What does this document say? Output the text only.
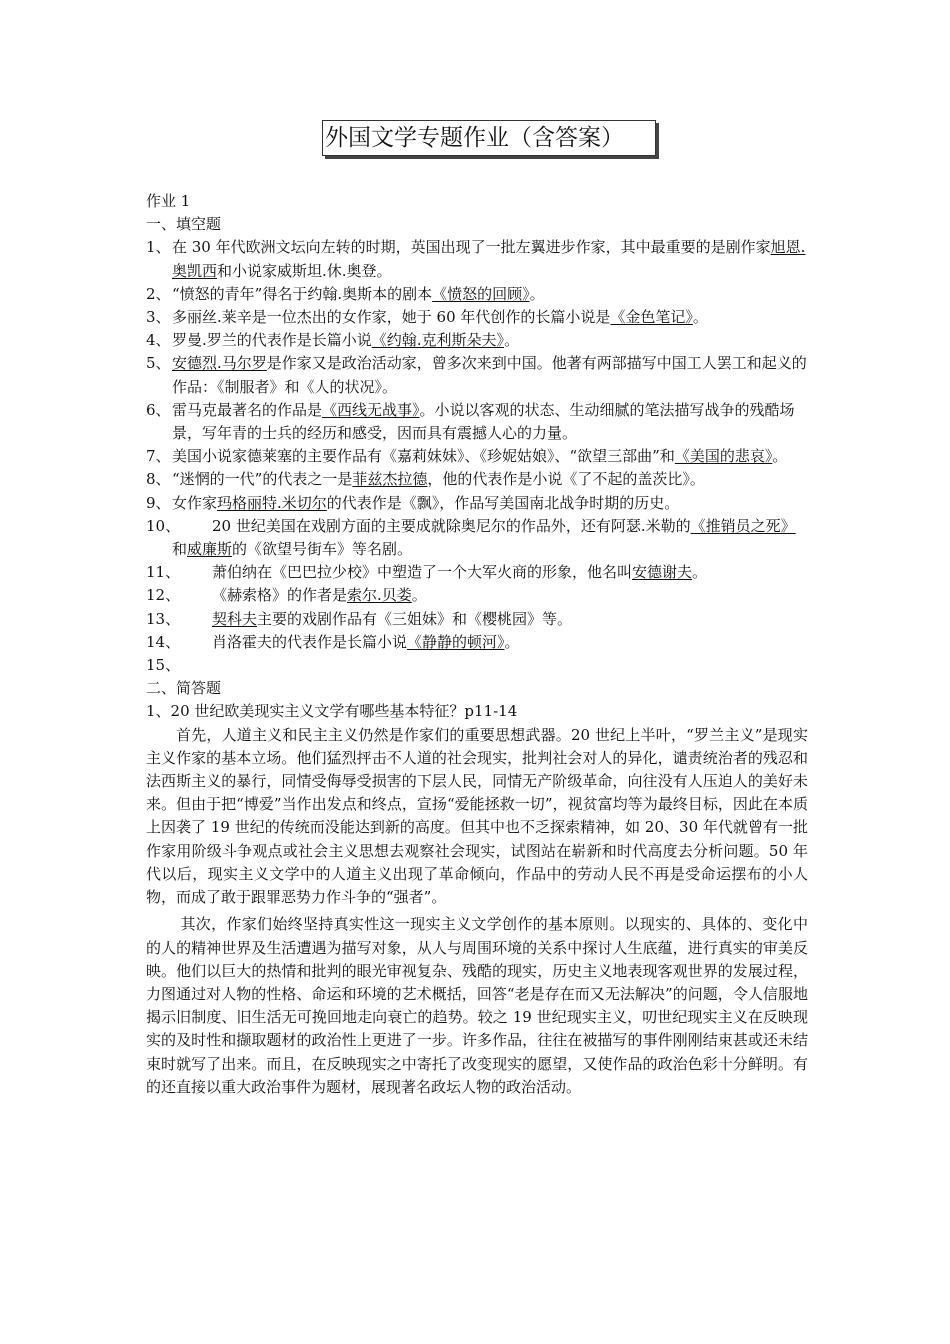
外国文学专题作业（含答案）

作业 1

一、填空题

1、 在 30 年代欧洲文坛向左转的时期，英国出现了一批左翼进步作家，其中最重要的是剧作家旭恩.奥凯西和小说家威斯坦.休.奥登。

2、 “愤怒的青年”得名于约翰.奥斯本的剧本《愤怒的回顾》。

3、 多丽丝.莱辛是一位杰出的女作家，她于 60 年代创作的长篇小说是《金色笔记》。

4、 罗曼.罗兰的代表作是长篇小说《约翰.克利斯朵夫》。

5、 安德烈.马尔罗是作家又是政治活动家，曾多次来到中国。他著有两部描写中国工人罢工和起义的作品：《制服者》和《人的状况》。

6、 雷马克最著名的作品是《西线无战事》。小说以客观的状态、生动细腻的笔法描写战争的残酷场景，写年青的士兵的经历和感受，因而具有震撼人心的力量。

7、 美国小说家德莱塞的主要作品有《嘉莉妹妹》、《珍妮姑娘》、“欲望三部曲”和《美国的悲哀》。

8、 “迷惘的一代”的代表之一是菲兹杰拉德，他的代表作是小说《了不起的盖茨比》。

9、 女作家玛格丽特.米切尔的代表作是《飘》，作品写美国南北战争时期的历史。

10、 20 世纪美国在戏剧方面的主要成就除奥尼尔的作品外，还有阿瑟.米勒的《推销员之死》和威廉斯的《欲望号街车》等名剧。

11、 萧伯纳在《巴巴拉少校》中塑造了一个大军火商的形象，他名叫安德谢夫。

12、 《赫索格》的作者是索尔.贝娄。

13、 契科夫主要的戏剧作品有《三姐妹》和《樱桃园》等。

14、 肖洛霍夫的代表作是长篇小说《静静的顿河》。

15、

二、简答题

1、20 世纪欧美现实主义文学有哪些基本特征？p11-14

首先，人道主义和民主主义仍然是作家们的重要思想武器。20 世纪上半叶，“罗兰主义”是现实主义作家的基本立场。他们猛烈抨击不人道的社会现实，批判社会对人的异化，谴责统治者的残忍和法西斯主义的暴行，同情受侮辱受损害的下层人民，同情无产阶级革命，向往没有人压迫人的美好未来。但由于把“博爱”当作出发点和终点，宣扬“爱能拯救一切”，视贫富均等为最终目标，因此在本质上因袭了 19 世纪的传统而没能达到新的高度。但其中也不乏探索精神，如 20、30 年代就曾有一批作家用阶级斗争观点或社会主义思想去观察社会现实，试图站在崭新和时代高度去分析问题。50 年代以后，现实主义文学中的人道主义出现了革命倾向，作品中的劳动人民不再是受命运摆布的小人物，而成了敢于跟罪恶势力作斗争的“强者”。

其次，作家们始终坚持真实性这一现实主义文学创作的基本原则。以现实的、具体的、变化中的人的精神世界及生活遭遇为描写对象，从人与周围环境的关系中探讨人生底蕴，进行真实的审美反映。他们以巨大的热情和批判的眼光审视复杂、残酷的现实，历史主义地表现客观世界的发展过程，力图通过对人物的性格、命运和环境的艺术概括，回答“老是存在而又无法解决”的问题，令人信服地揭示旧制度、旧生活无可挽回地走向衰亡的趋势。较之 19 世纪现实主义，叨世纪现实主义在反映现实的及时性和撷取题材的政治性上更进了一步。许多作品，往往在被描写的事件刚刚结束甚或还未结束时就写了出来。而且，在反映现实之中寄托了改变现实的愿望，又使作品的政治色彩十分鲜明。有的还直接以重大政治事件为题材，展现著名政坛人物的政治活动。
